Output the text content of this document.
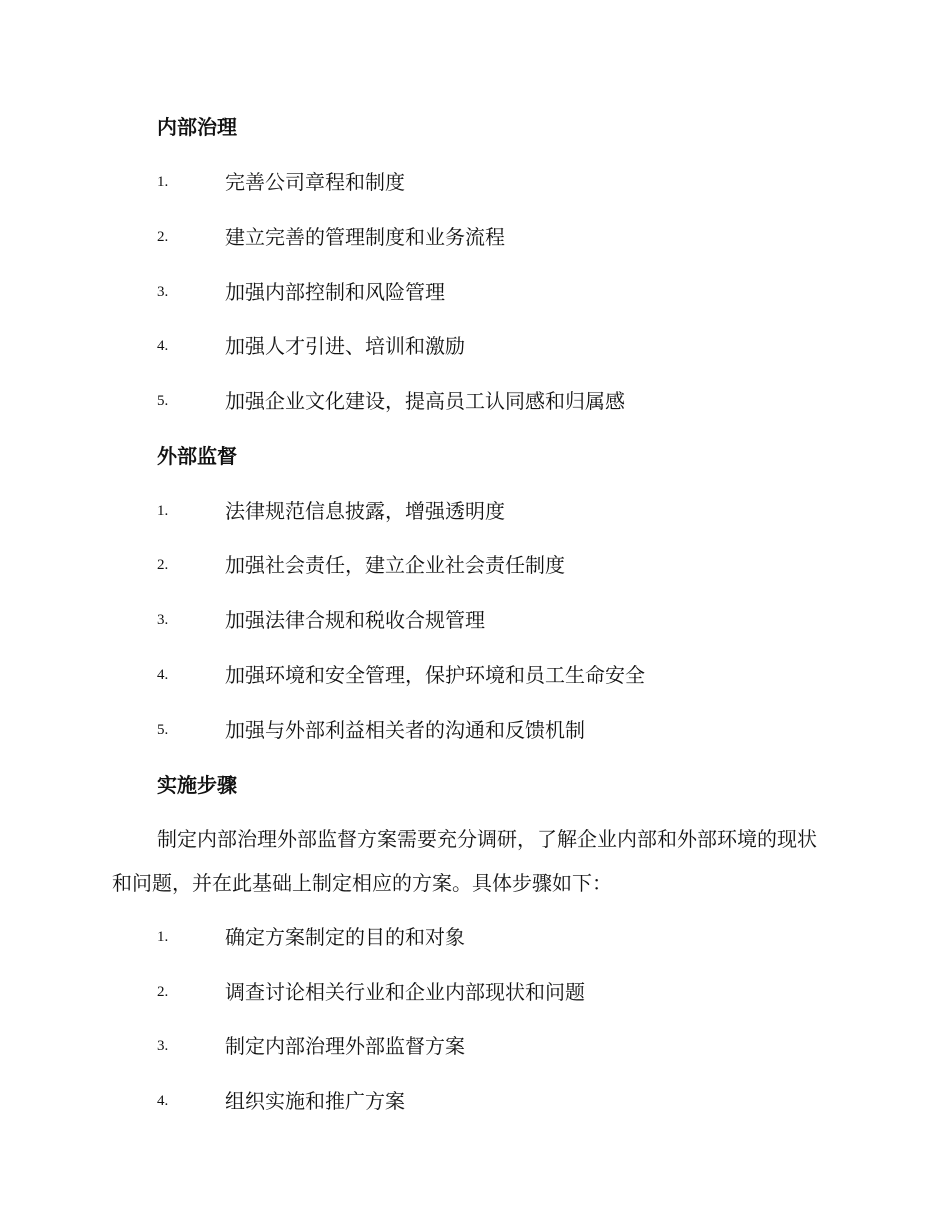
内部治理
1.	完善公司章程和制度
2.	建立完善的管理制度和业务流程
3.	加强内部控制和风险管理
4.	加强人才引进、培训和激励
5.	加强企业文化建设，提高员工认同感和归属感
外部监督
1.	法律规范信息披露，增强透明度
2.	加强社会责任，建立企业社会责任制度
3.	加强法律合规和税收合规管理
4.	加强环境和安全管理，保护环境和员工生命安全
5.	加强与外部利益相关者的沟通和反馈机制
实施步骤
制定内部治理外部监督方案需要充分调研，了解企业内部和外部环境的现状和问题，并在此基础上制定相应的方案。具体步骤如下：
1.	确定方案制定的目的和对象
2.	调查讨论相关行业和企业内部现状和问题
3.	制定内部治理外部监督方案
4.	组织实施和推广方案
